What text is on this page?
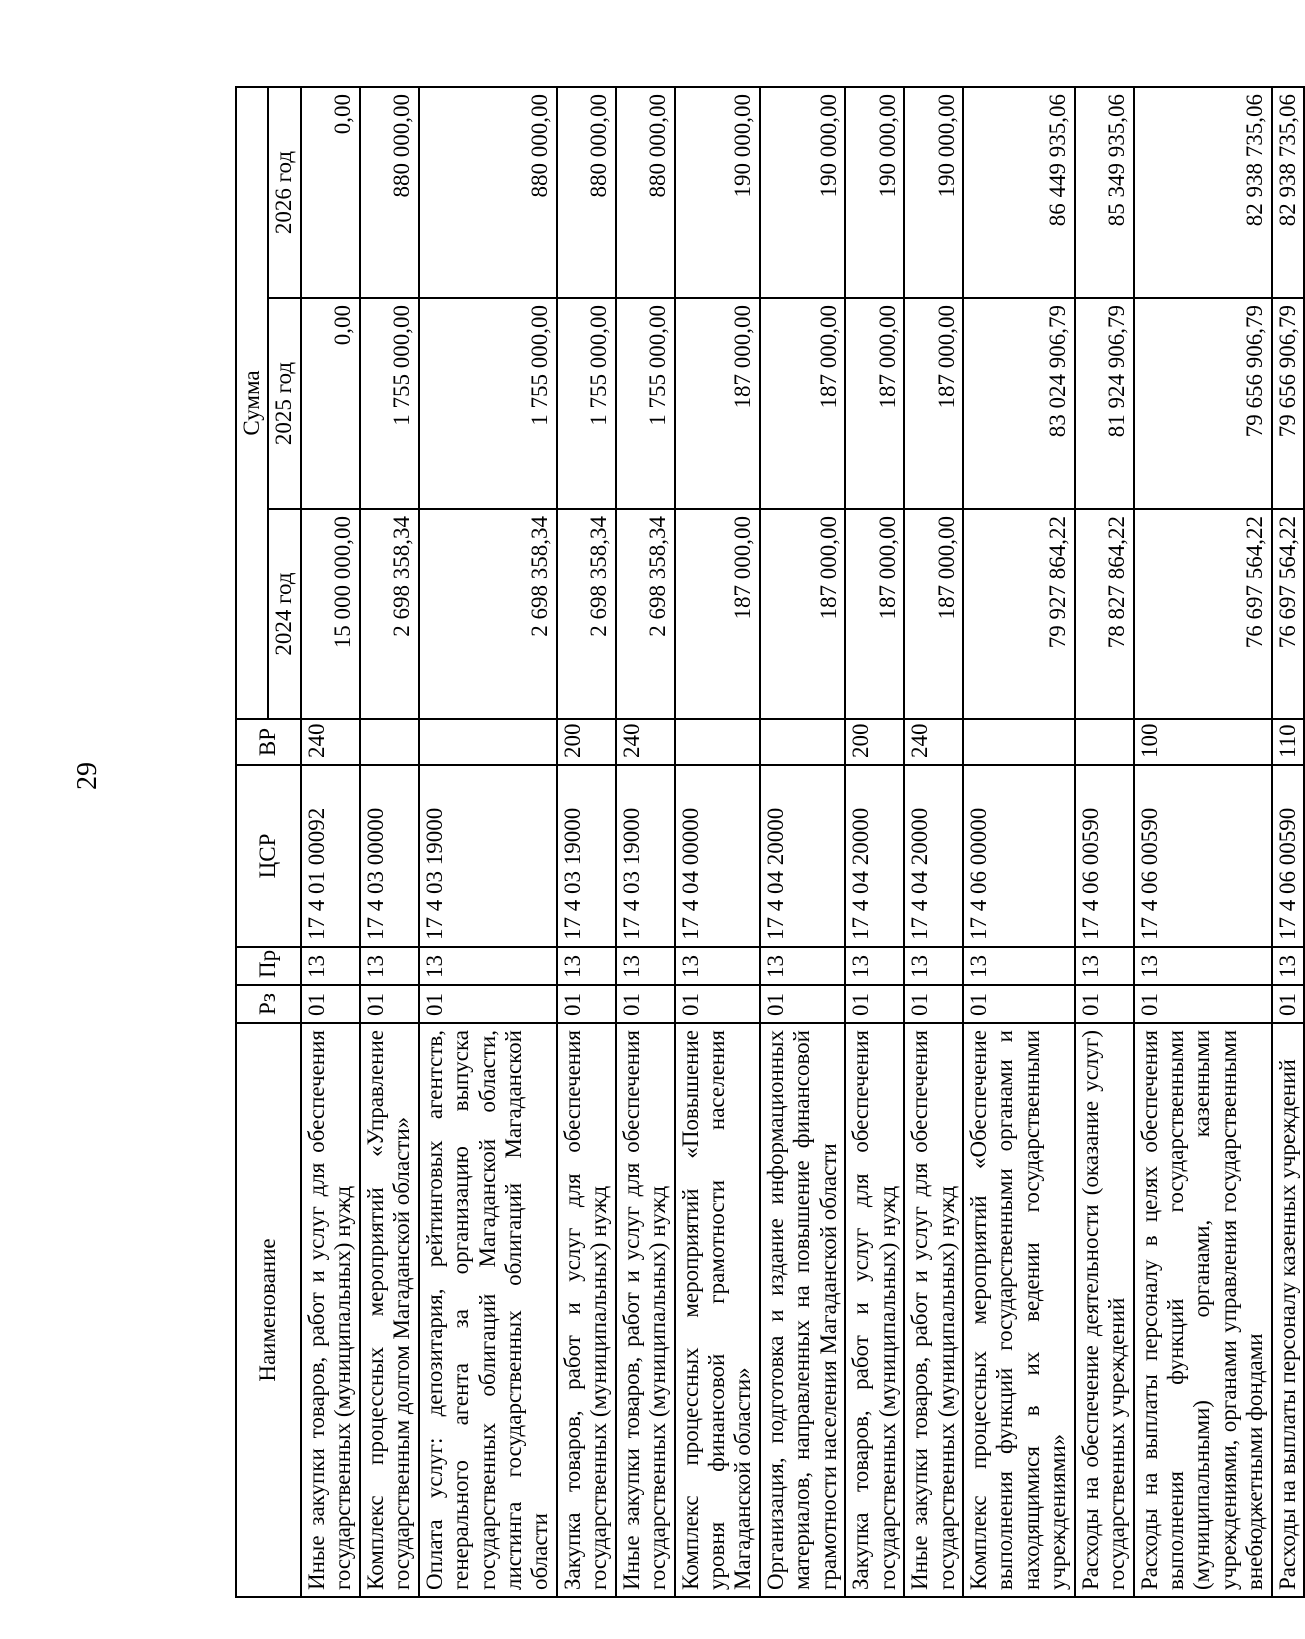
29
Наименование	Рз	Пр	ЦСР	ВР	Сумма		
					2024 год	2025 год	2026 год
Иные закупки товаров, работ и услуг для обеспечения государственных (муниципальных) нужд	01	13	17 4 01 00092	240	15 000 000,00	0,00	0,00
Комплекс процессных мероприятий «Управление государственным долгом Магаданской области»	01	13	17 4 03 00000		2 698 358,34	1 755 000,00	880 000,00
Оплата услуг: депозитария, рейтинговых агентств, генерального агента за организацию выпуска государственных облигаций Магаданской области, листинга государственных облигаций Магаданской области	01	13	17 4 03 19000		2 698 358,34	1 755 000,00	880 000,00
Закупка товаров, работ и услуг для обеспечения государственных (муниципальных) нужд	01	13	17 4 03 19000	200	2 698 358,34	1 755 000,00	880 000,00
Иные закупки товаров, работ и услуг для обеспечения государственных (муниципальных) нужд	01	13	17 4 03 19000	240	2 698 358,34	1 755 000,00	880 000,00
Комплекс процессных мероприятий «Повышение уровня финансовой грамотности населения Магаданской области»	01	13	17 4 04 00000		187 000,00	187 000,00	190 000,00
Организация, подготовка и издание информационных материалов, направленных на повышение финансовой грамотности населения Магаданской области	01	13	17 4 04 20000		187 000,00	187 000,00	190 000,00
Закупка товаров, работ и услуг для обеспечения государственных (муниципальных) нужд	01	13	17 4 04 20000	200	187 000,00	187 000,00	190 000,00
Иные закупки товаров, работ и услуг для обеспечения государственных (муниципальных) нужд	01	13	17 4 04 20000	240	187 000,00	187 000,00	190 000,00
Комплекс процессных мероприятий «Обеспечение выполнения функций государственными органами и находящимися в их ведении государственными учреждениями»	01	13	17 4 06 00000		79 927 864,22	83 024 906,79	86 449 935,06
Расходы на обеспечение деятельности (оказание услуг) государственных учреждений	01	13	17 4 06 00590		78 827 864,22	81 924 906,79	85 349 935,06
Расходы на выплаты персоналу в целях обеспечения выполнения функций государственными (муниципальными) органами, казенными учреждениями, органами управления государственными внебюджетными фондами	01	13	17 4 06 00590	100	76 697 564,22	79 656 906,79	82 938 735,06
Расходы на выплаты персоналу казенных учреждений	01	13	17 4 06 00590	110	76 697 564,22	79 656 906,79	82 938 735,06
